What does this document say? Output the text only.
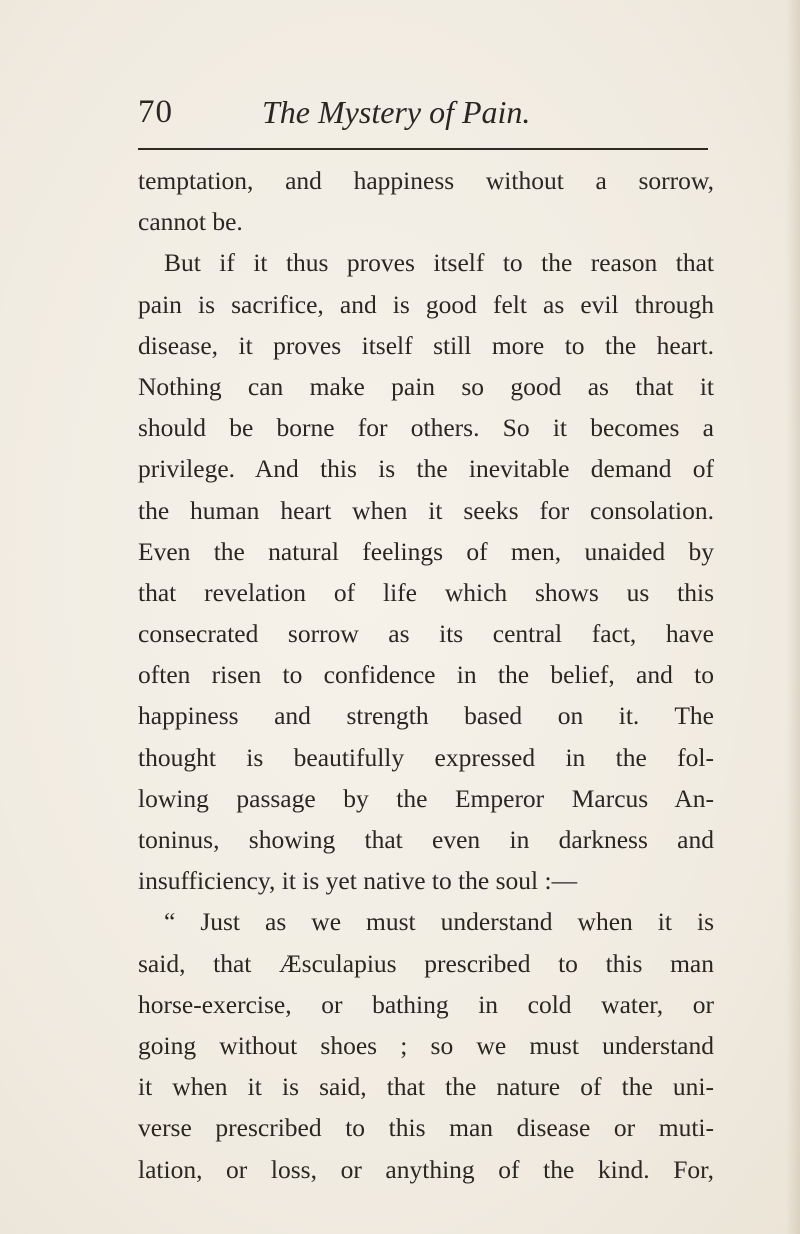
70	The Mystery of Pain.
temptation, and happiness without a sorrow,
cannot be.
But if it thus proves itself to the reason that
pain is sacrifice, and is good felt as evil through
disease, it proves itself still more to the heart.
Nothing can make pain so good as that it
should be borne for others. So it becomes a
privilege. And this is the inevitable demand of
the human heart when it seeks for consolation.
Even the natural feelings of men, unaided by
that revelation of life which shows us this
consecrated sorrow as its central fact, have
often risen to confidence in the belief, and to
happiness and strength based on it. The
thought is beautifully expressed in the fol-
lowing passage by the Emperor Marcus An-
toninus, showing that even in darkness and
insufficiency, it is yet native to the soul :—
“ Just as we must understand when it is
said, that Æsculapius prescribed to this man
horse-exercise, or bathing in cold water, or
going without shoes ; so we must understand
it when it is said, that the nature of the uni-
verse prescribed to this man disease or muti-
lation, or loss, or anything of the kind. For,
